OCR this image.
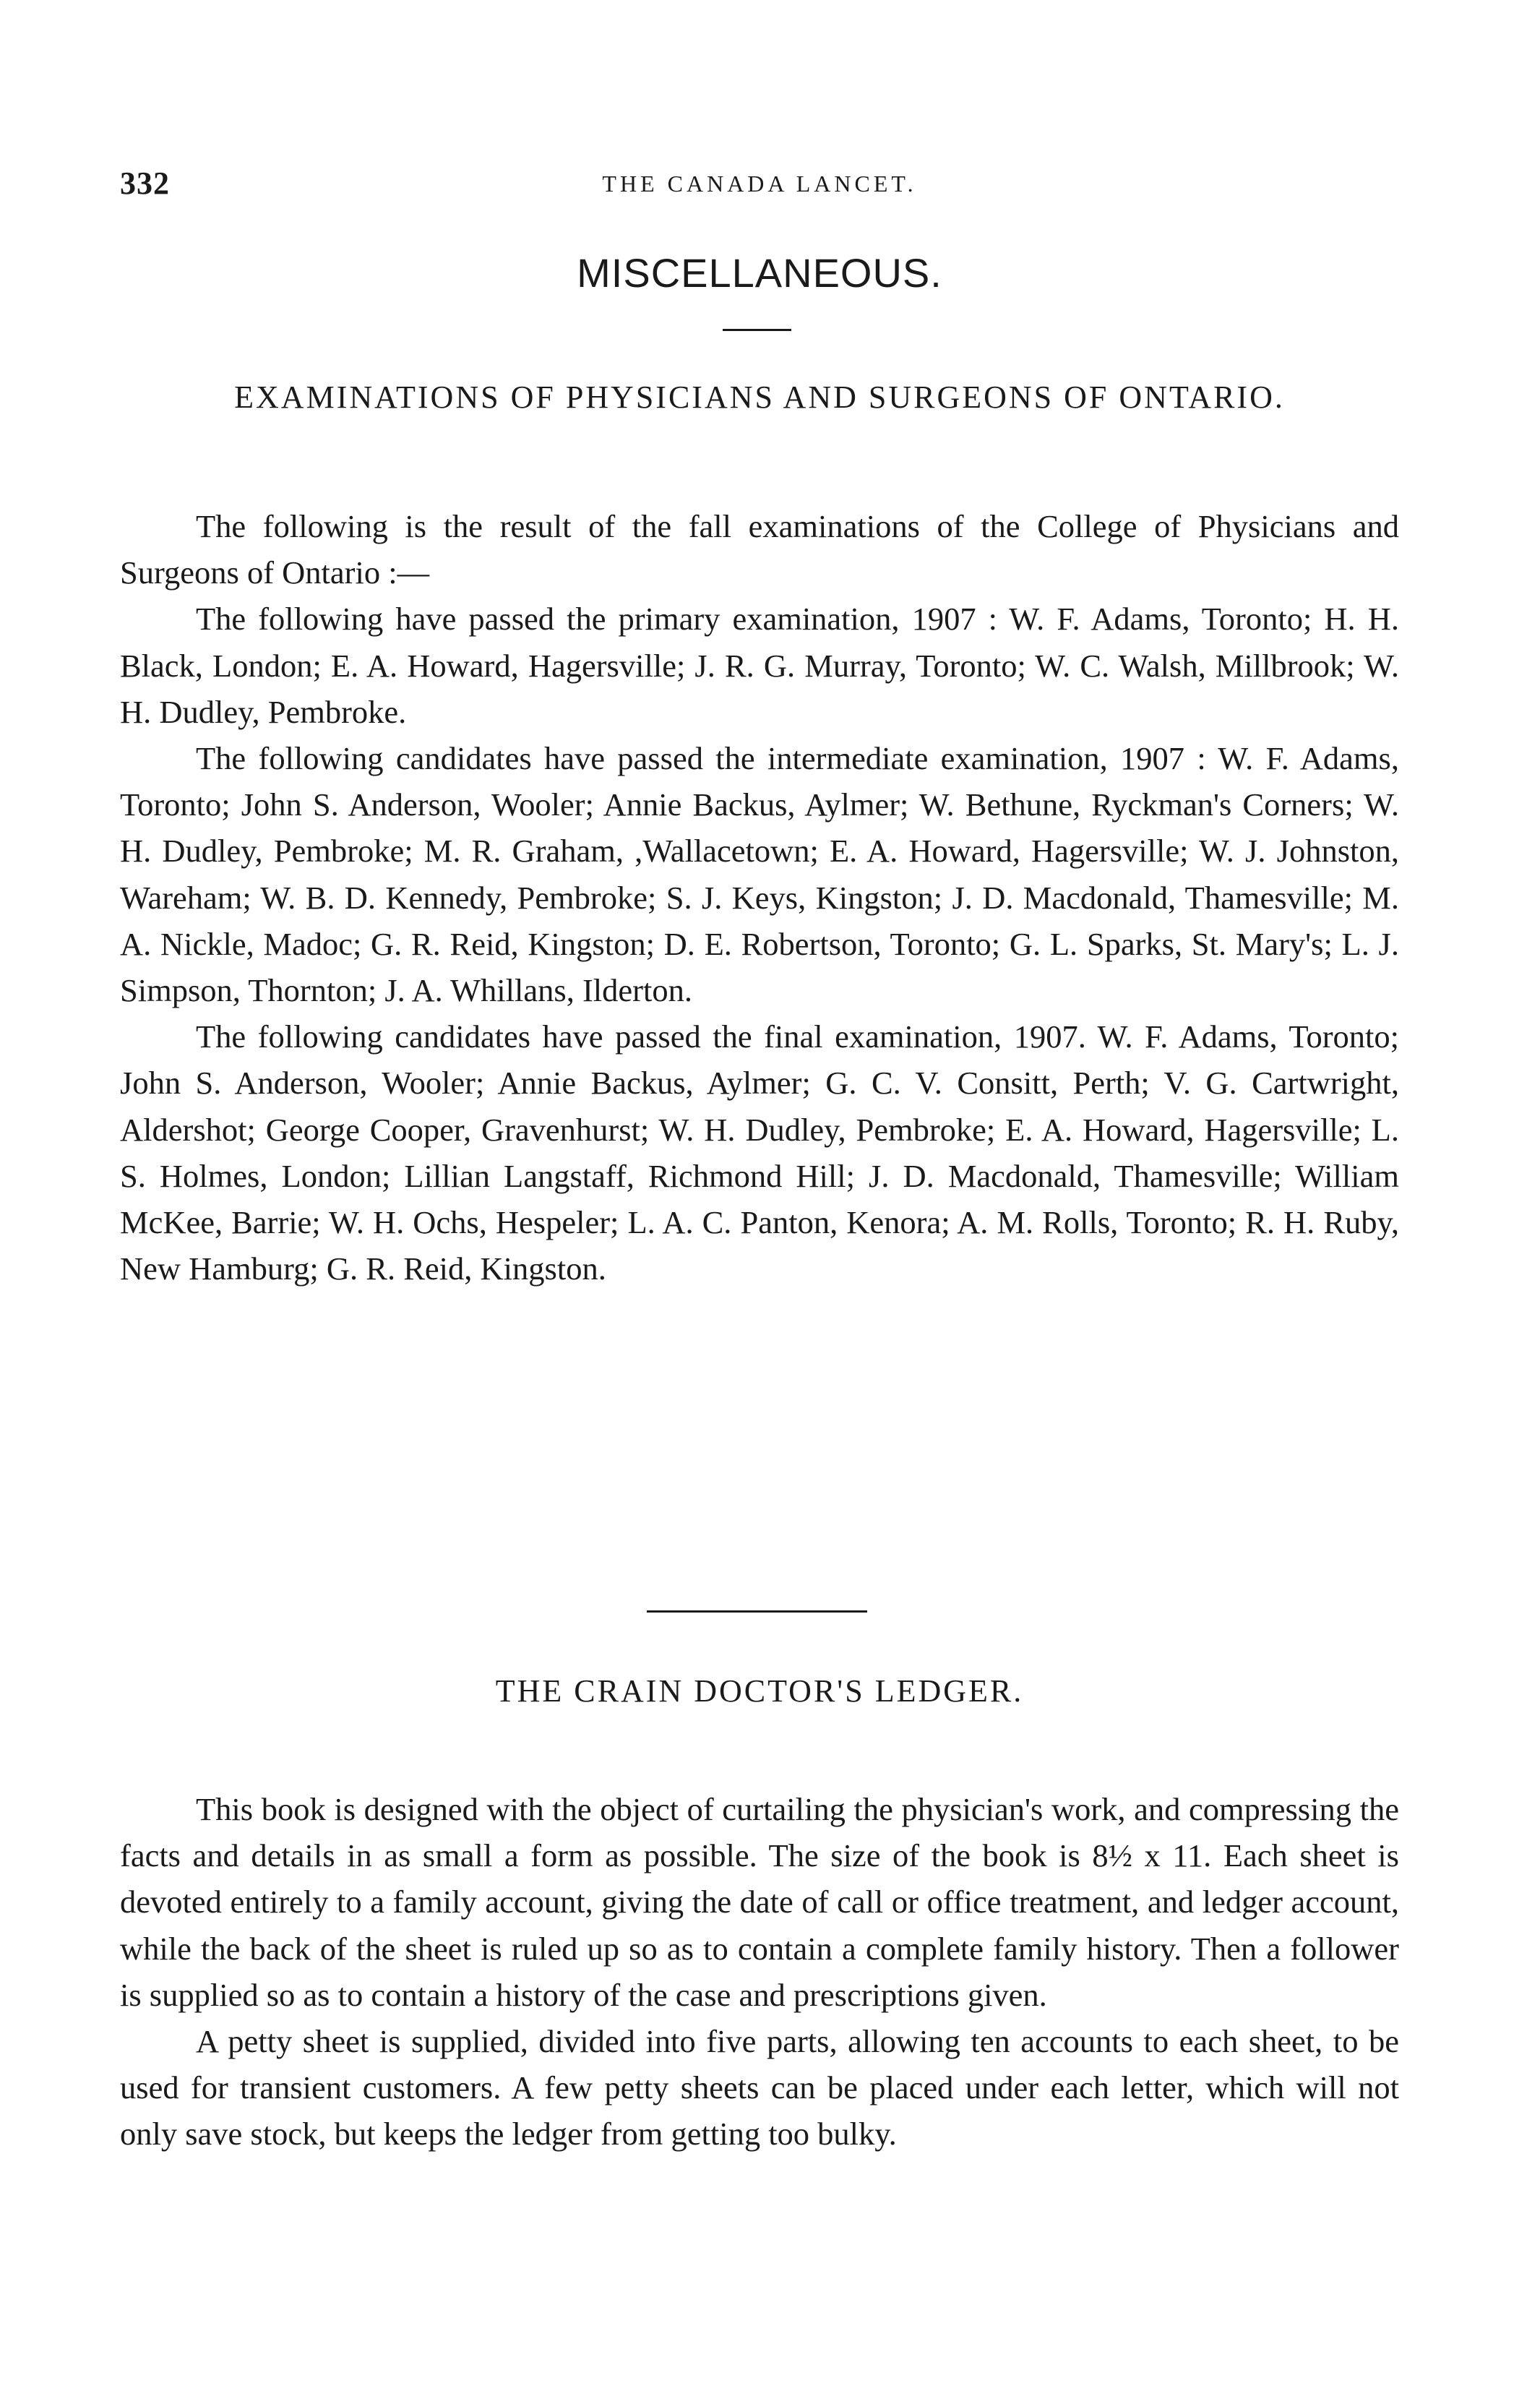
332	THE CANADA LANCET.
MISCELLANEOUS.
EXAMINATIONS OF PHYSICIANS AND SURGEONS OF ONTARIO.

The following is the result of the fall examinations of the College of Physicians and Surgeons of Ontario :—

The following have passed the primary examination, 1907 : W. F. Adams, Toronto; H. H. Black, London; E. A. Howard, Hagersville; J. R. G. Murray, Toronto; W. C. Walsh, Millbrook; W. H. Dudley, Pembroke.

The following candidates have passed the intermediate examination, 1907 : W. F. Adams, Toronto; John S. Anderson, Wooler; Annie Backus, Aylmer; W. Bethune, Ryckman's Corners; W. H. Dudley, Pembroke; M. R. Graham, ,Wallacetown; E. A. Howard, Hagersville; W. J. Johnston, Wareham; W. B. D. Kennedy, Pembroke; S. J. Keys, Kingston; J. D. Macdonald, Thamesville; M. A. Nickle, Madoc; G. R. Reid, Kingston; D. E. Robertson, Toronto; G. L. Sparks, St. Mary's; L. J. Simpson, Thornton; J. A. Whillans, Ilderton.

The following candidates have passed the final examination, 1907. W. F. Adams, Toronto; John S. Anderson, Wooler; Annie Backus, Aylmer; G. C. V. Consitt, Perth; V. G. Cartwright, Aldershot; George Cooper, Gravenhurst; W. H. Dudley, Pembroke; E. A. Howard, Hagersville; L. S. Holmes, London; Lillian Langstaff, Richmond Hill; J. D. Macdonald, Thamesville; William McKee, Barrie; W. H. Ochs, Hespeler; L. A. C. Panton, Kenora; A. M. Rolls, Toronto; R. H. Ruby, New Hamburg; G. R. Reid, Kingston.

THE CRAIN DOCTOR'S LEDGER.

This book is designed with the object of curtailing the physician's work, and compressing the facts and details in as small a form as possible. The size of the book is 8½ x 11. Each sheet is devoted entirely to a family account, giving the date of call or office treatment, and ledger account, while the back of the sheet is ruled up so as to contain a complete family history. Then a follower is supplied so as to contain a history of the case and prescriptions given.

A petty sheet is supplied, divided into five parts, allowing ten accounts to each sheet, to be used for transient customers. A few petty sheets can be placed under each letter, which will not only save stock, but keeps the ledger from getting too bulky.
